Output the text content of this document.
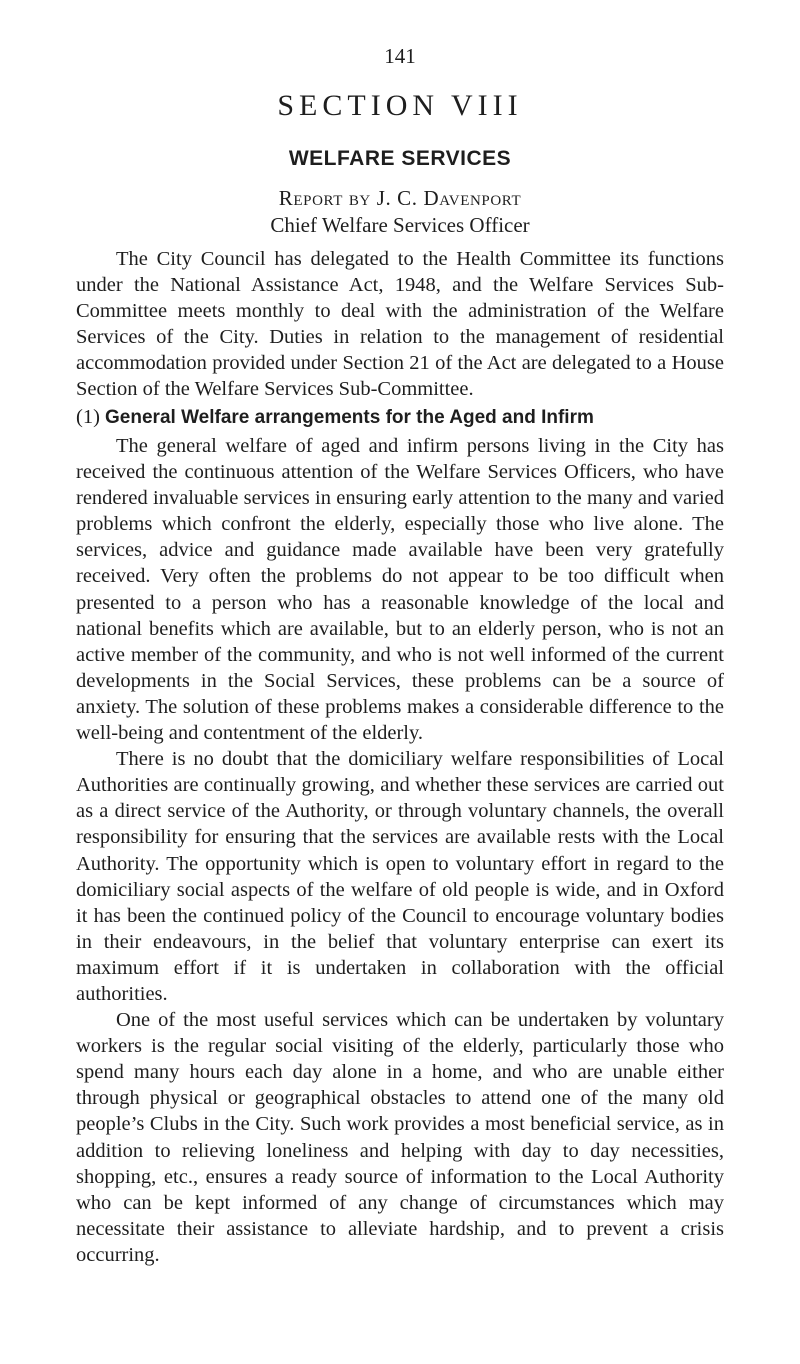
141
SECTION VIII
WELFARE SERVICES
Report by J. C. Davenport
Chief Welfare Services Officer

The City Council has delegated to the Health Committee its functions under the National Assistance Act, 1948, and the Welfare Services Sub-Committee meets monthly to deal with the administration of the Welfare Services of the City. Duties in relation to the management of residential accommodation provided under Section 21 of the Act are delegated to a House Section of the Welfare Services Sub-Committee.

(1) General Welfare arrangements for the Aged and Infirm

The general welfare of aged and infirm persons living in the City has received the continuous attention of the Welfare Services Officers, who have rendered invaluable services in ensuring early attention to the many and varied problems which confront the elderly, especially those who live alone. The services, advice and guidance made available have been very gratefully received. Very often the problems do not appear to be too difficult when presented to a person who has a reasonable knowledge of the local and national benefits which are available, but to an elderly person, who is not an active member of the community, and who is not well informed of the current developments in the Social Services, these problems can be a source of anxiety. The solution of these problems makes a considerable difference to the well-being and contentment of the elderly.

There is no doubt that the domiciliary welfare responsibilities of Local Authorities are continually growing, and whether these services are carried out as a direct service of the Authority, or through voluntary channels, the overall responsibility for ensuring that the services are available rests with the Local Authority. The opportunity which is open to voluntary effort in regard to the domiciliary social aspects of the welfare of old people is wide, and in Oxford it has been the continued policy of the Council to encourage voluntary bodies in their endeavours, in the belief that voluntary enterprise can exert its maximum effort if it is undertaken in collaboration with the official authorities.

One of the most useful services which can be undertaken by voluntary workers is the regular social visiting of the elderly, particularly those who spend many hours each day alone in a home, and who are unable either through physical or geographical obstacles to attend one of the many old people’s Clubs in the City. Such work provides a most beneficial service, as in addition to relieving loneliness and helping with day to day necessities, shopping, etc., ensures a ready source of information to the Local Authority who can be kept informed of any change of circumstances which may necessitate their assistance to alleviate hardship, and to prevent a crisis occurring.
